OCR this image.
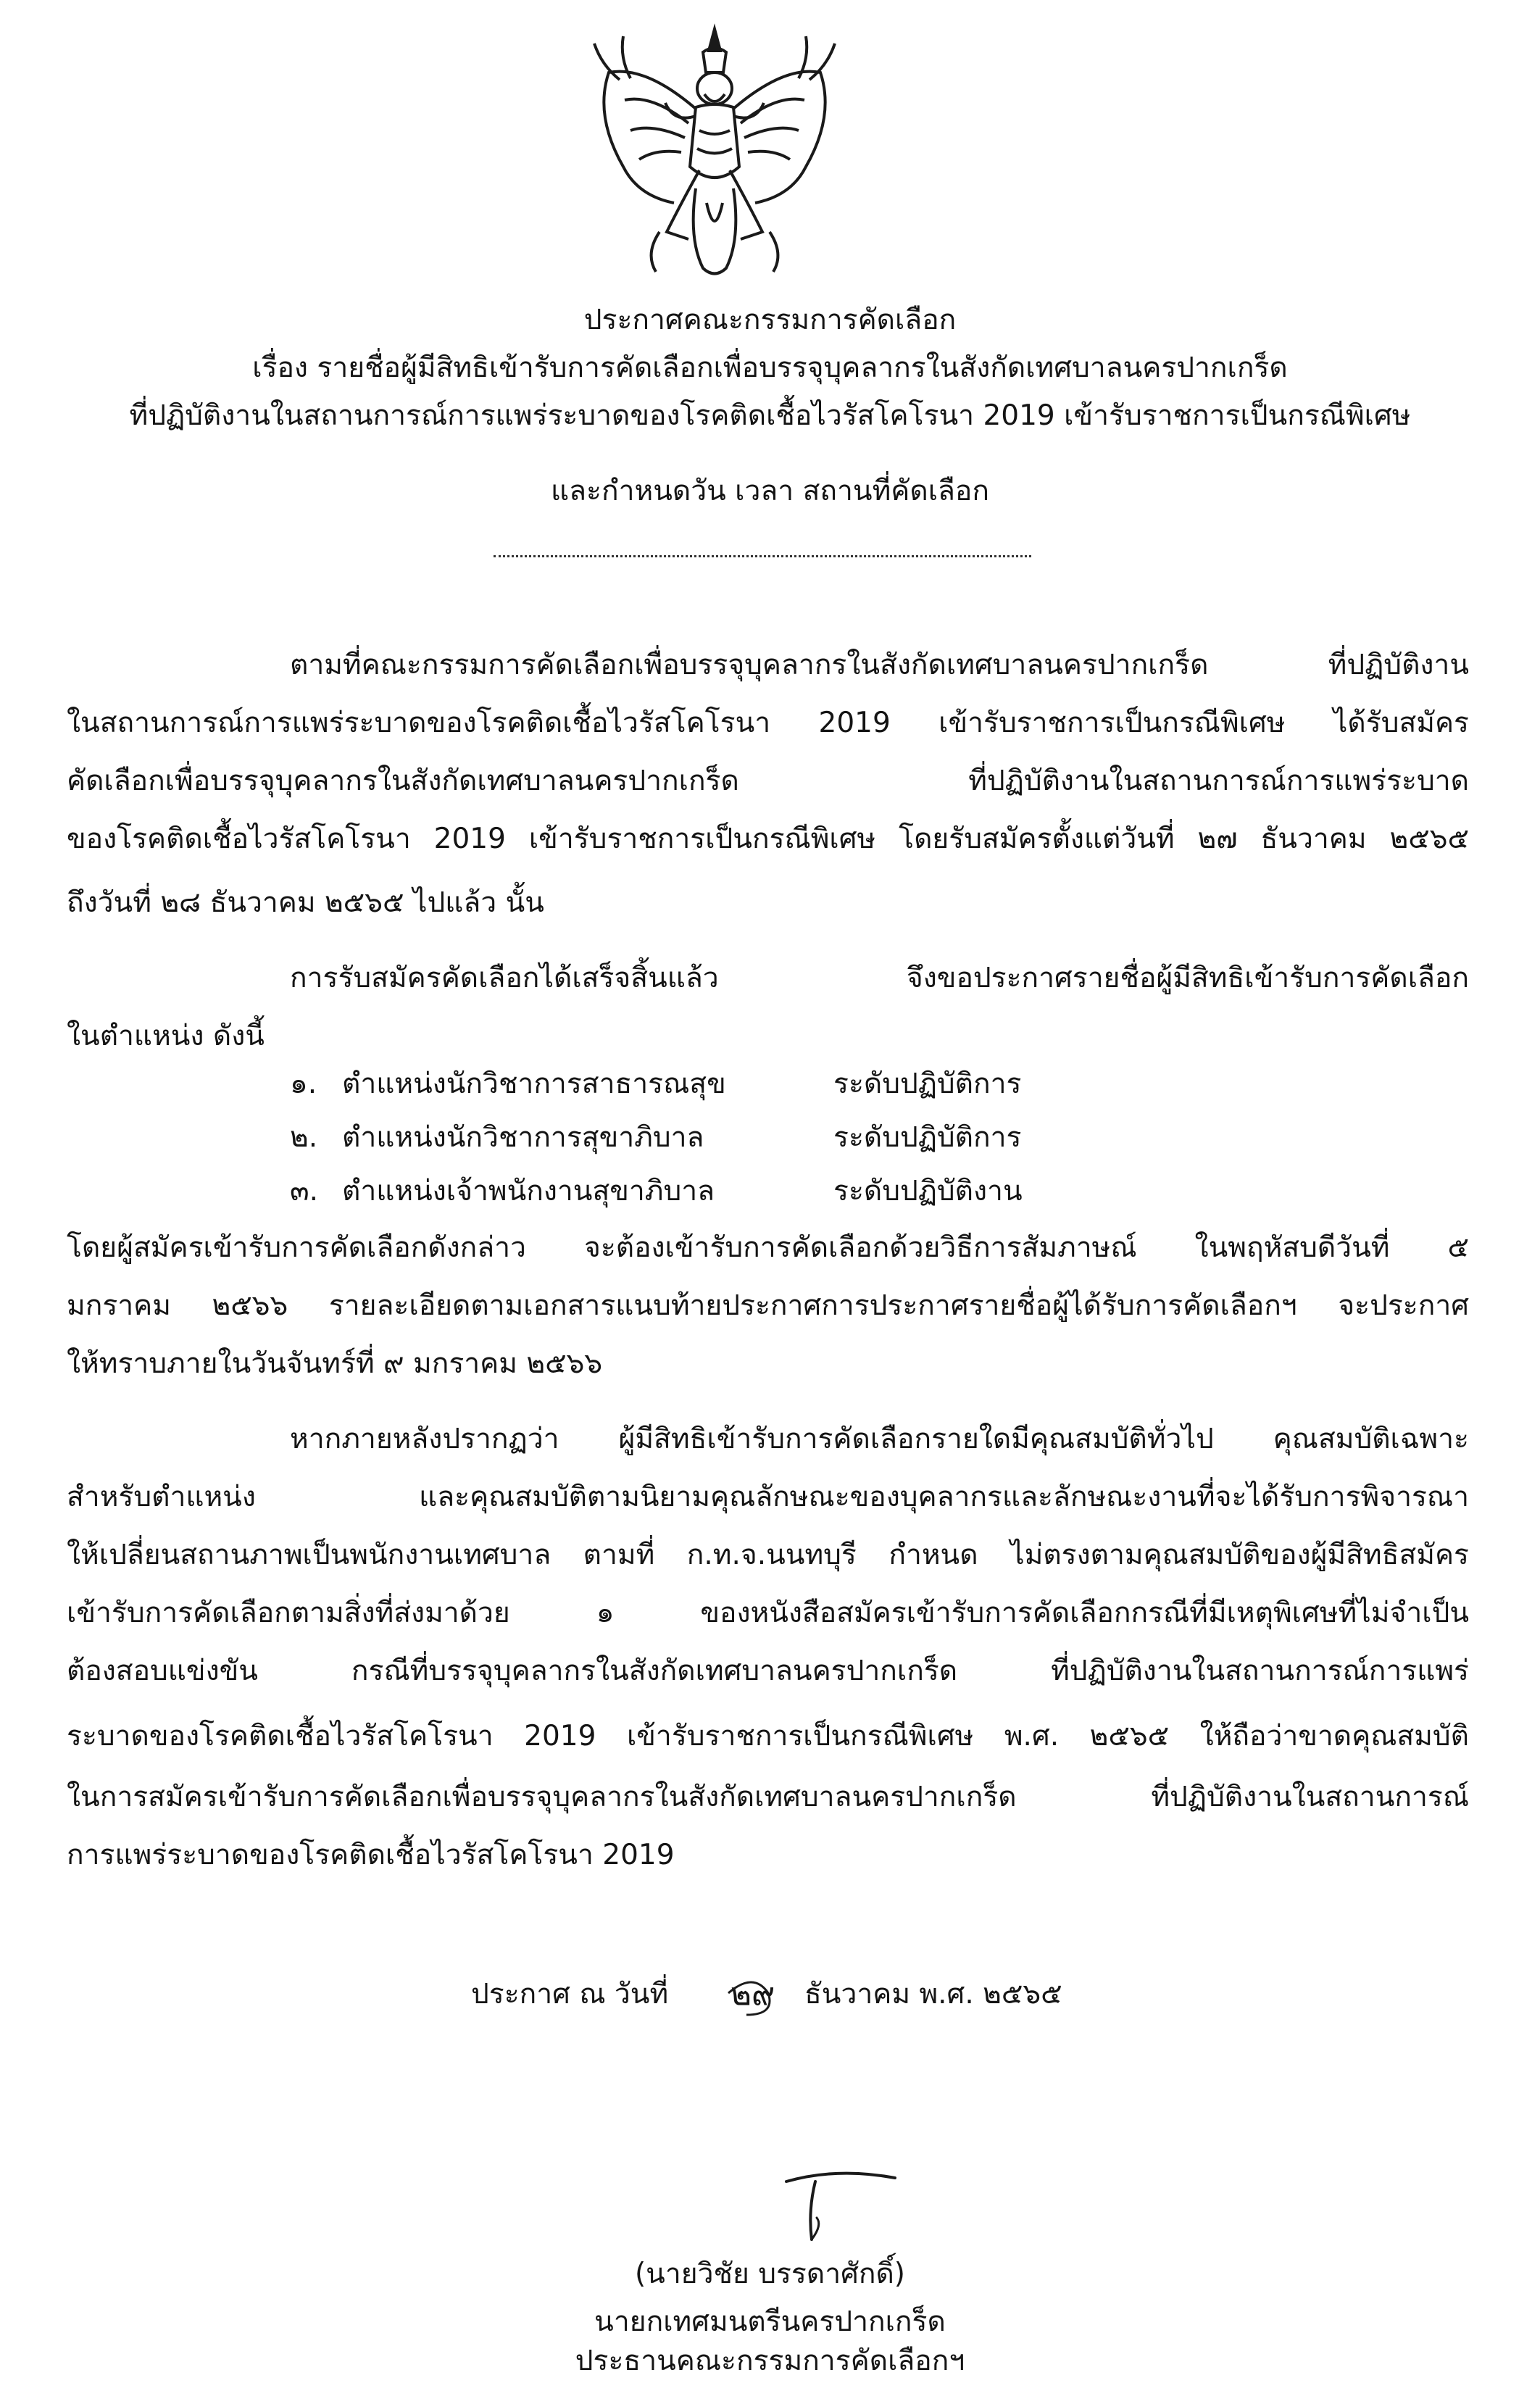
ประกาศคณะกรรมการคัดเลือก
เรื่อง รายชื่อผู้มีสิทธิเข้ารับการคัดเลือกเพื่อบรรจุบุคลากรในสังกัดเทศบาลนครปากเกร็ด
ที่ปฏิบัติงานในสถานการณ์การแพร่ระบาดของโรคติดเชื้อไวรัสโคโรนา 2019 เข้ารับราชการเป็นกรณีพิเศษ
และกำหนดวัน เวลา สถานที่คัดเลือก
ตามที่คณะกรรมการคัดเลือกเพื่อบรรจุบุคลากรในสังกัดเทศบาลนครปากเกร็ด ที่ปฏิบัติงาน
ในสถานการณ์การแพร่ระบาดของโรคติดเชื้อไวรัสโคโรนา 2019 เข้ารับราชการเป็นกรณีพิเศษ ได้รับสมัคร
คัดเลือกเพื่อบรรจุบุคลากรในสังกัดเทศบาลนครปากเกร็ด ที่ปฏิบัติงานในสถานการณ์การแพร่ระบาด
ของโรคติดเชื้อไวรัสโคโรนา 2019 เข้ารับราชการเป็นกรณีพิเศษ โดยรับสมัครตั้งแต่วันที่ ๒๗ ธันวาคม ๒๕๖๕
ถึงวันที่ ๒๘ ธันวาคม ๒๕๖๕ ไปแล้ว นั้น
การรับสมัครคัดเลือกได้เสร็จสิ้นแล้ว จึงขอประกาศรายชื่อผู้มีสิทธิเข้ารับการคัดเลือก
ในตำแหน่ง ดังนี้
๑. ตำแหน่งนักวิชาการสาธารณสุข	ระดับปฏิบัติการ
๒. ตำแหน่งนักวิชาการสุขาภิบาล	ระดับปฏิบัติการ
๓. ตำแหน่งเจ้าพนักงานสุขาภิบาล	ระดับปฏิบัติงาน
โดยผู้สมัครเข้ารับการคัดเลือกดังกล่าว จะต้องเข้ารับการคัดเลือกด้วยวิธีการสัมภาษณ์ ในพฤหัสบดีวันที่ ๕
มกราคม ๒๕๖๖ รายละเอียดตามเอกสารแนบท้ายประกาศการประกาศรายชื่อผู้ได้รับการคัดเลือกฯ จะประกาศ
ให้ทราบภายในวันจันทร์ที่ ๙ มกราคม ๒๕๖๖
หากภายหลังปรากฏว่า ผู้มีสิทธิเข้ารับการคัดเลือกรายใดมีคุณสมบัติทั่วไป คุณสมบัติเฉพาะ
สำหรับตำแหน่ง และคุณสมบัติตามนิยามคุณลักษณะของบุคลากรและลักษณะงานที่จะได้รับการพิจารณา
ให้เปลี่ยนสถานภาพเป็นพนักงานเทศบาล ตามที่ ก.ท.จ.นนทบุรี กำหนด ไม่ตรงตามคุณสมบัติของผู้มีสิทธิสมัคร
เข้ารับการคัดเลือกตามสิ่งที่ส่งมาด้วย ๑ ของหนังสือสมัครเข้ารับการคัดเลือกกรณีที่มีเหตุพิเศษที่ไม่จำเป็น
ต้องสอบแข่งขัน กรณีที่บรรจุบุคลากรในสังกัดเทศบาลนครปากเกร็ด ที่ปฏิบัติงานในสถานการณ์การแพร่
ระบาดของโรคติดเชื้อไวรัสโคโรนา 2019 เข้ารับราชการเป็นกรณีพิเศษ พ.ศ. ๒๕๖๕ ให้ถือว่าขาดคุณสมบัติ
ในการสมัครเข้ารับการคัดเลือกเพื่อบรรจุบุคลากรในสังกัดเทศบาลนครปากเกร็ด ที่ปฏิบัติงานในสถานการณ์
การแพร่ระบาดของโรคติดเชื้อไวรัสโคโรนา 2019
ประกาศ ณ วันที่ ๒๙ ธันวาคม พ.ศ. ๒๕๖๕
(นายวิชัย บรรดาศักดิ์)
นายกเทศมนตรีนครปากเกร็ด
ประธานคณะกรรมการคัดเลือกฯ
